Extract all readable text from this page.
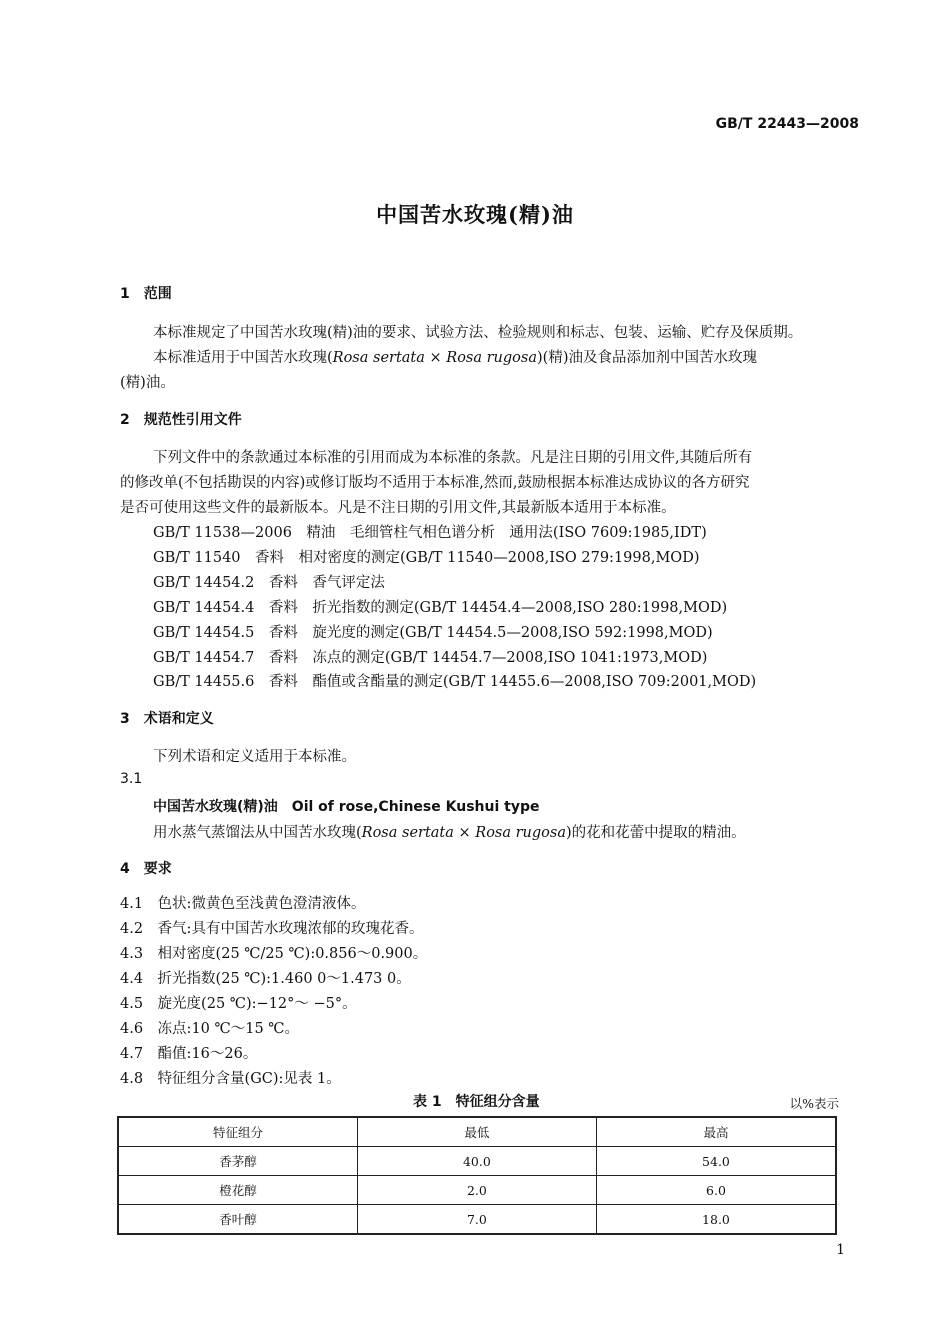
GB/T 22443—2008
中国苦水玫瑰(精)油
1　范围
本标准规定了中国苦水玫瑰(精)油的要求、试验方法、检验规则和标志、包装、运输、贮存及保质期。
本标准适用于中国苦水玫瑰(Rosa sertata × Rosa rugosa)(精)油及食品添加剂中国苦水玫瑰
(精)油。
2　规范性引用文件
下列文件中的条款通过本标准的引用而成为本标准的条款。凡是注日期的引用文件,其随后所有
的修改单(不包括勘误的内容)或修订版均不适用于本标准,然而,鼓励根据本标准达成协议的各方研究
是否可使用这些文件的最新版本。凡是不注日期的引用文件,其最新版本适用于本标准。
GB/T 11538—2006　精油　毛细管柱气相色谱分析　通用法(ISO 7609:1985,IDT)
GB/T 11540　香料　相对密度的测定(GB/T 11540—2008,ISO 279:1998,MOD)
GB/T 14454.2　香料　香气评定法
GB/T 14454.4　香料　折光指数的测定(GB/T 14454.4—2008,ISO 280:1998,MOD)
GB/T 14454.5　香料　旋光度的测定(GB/T 14454.5—2008,ISO 592:1998,MOD)
GB/T 14454.7　香料　冻点的测定(GB/T 14454.7—2008,ISO 1041:1973,MOD)
GB/T 14455.6　香料　酯值或含酯量的测定(GB/T 14455.6—2008,ISO 709:2001,MOD)
3　术语和定义
下列术语和定义适用于本标准。
3.1
中国苦水玫瑰(精)油　Oil of rose,Chinese Kushui type
用水蒸气蒸馏法从中国苦水玫瑰(Rosa sertata × Rosa rugosa)的花和花蕾中提取的精油。
4　要求
4.1　色状:微黄色至浅黄色澄清液体。
4.2　香气:具有中国苦水玫瑰浓郁的玫瑰花香。
4.3　相对密度(25 ℃/25 ℃):0.856～0.900。
4.4　折光指数(25 ℃):1.460 0～1.473 0。
4.5　旋光度(25 ℃):−12°～ −5°。
4.6　冻点:10 ℃～15 ℃。
4.7　酯值:16～26。
4.8　特征组分含量(GC):见表 1。
表 1　特征组分含量	以%表示
特征组分	最低	最高
香茅醇	40.0	54.0
橙花醇	2.0	6.0
香叶醇	7.0	18.0
1
